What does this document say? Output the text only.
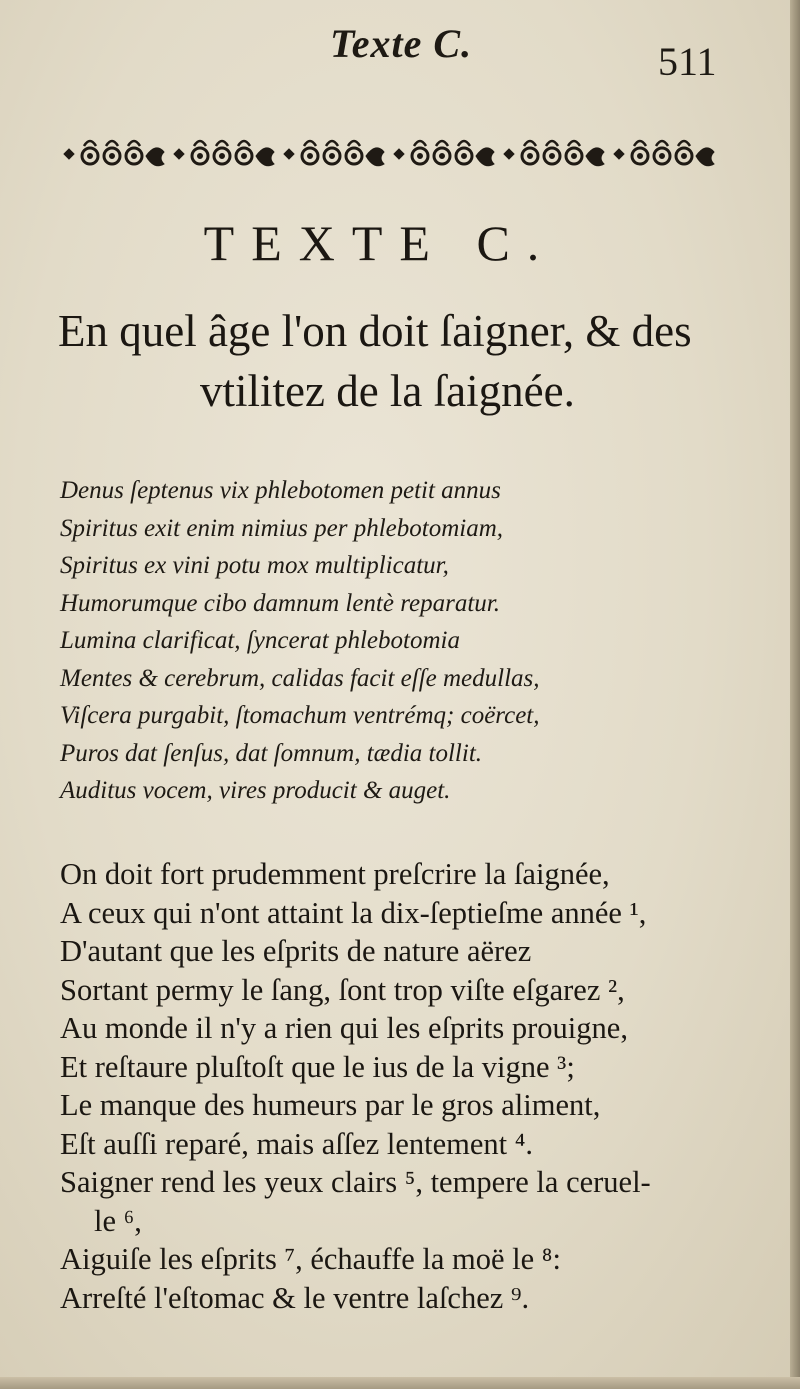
Texte C.	511
TEXTE C.
En quel âge l'on doit ſaigner, & des
vtilitez de la ſaignée.
Denus ſeptenus vix phlebotomen petit annus
Spiritus exit enim nimius per phlebotomiam,
Spiritus ex vini potu mox multiplicatur,
Humorumque cibo damnum lentè reparatur.
Lumina clarificat, ſyncerat phlebotomia
Mentes & cerebrum, calidas facit eſſe medullas,
Viſcera purgabit, ſtomachum ventrémq; coërcet,
Puros dat ſenſus, dat ſomnum, tædia tollit.
Auditus vocem, vires producit & auget.
On doit fort prudemment preſcrire la ſaignée,
A ceux qui n'ont attaint la dix-ſeptieſme année ¹,
D'autant que les eſprits de nature aërez
Sortant permy le ſang, ſont trop viſte eſgarez ²,
Au monde il n'y a rien qui les eſprits prouigne,
Et reſtaure pluſtoſt que le ius de la vigne ³;
Le manque des humeurs par le gros aliment,
Eſt auſſi reparé, mais aſſez lentement ⁴.
Saigner rend les yeux clairs ⁵, tempere la ceruel-
le ⁶,
Aiguiſe les eſprits ⁷, échauffe la moë le ⁸:
Arreſté l'eſtomac & le ventre laſchez ⁹.
